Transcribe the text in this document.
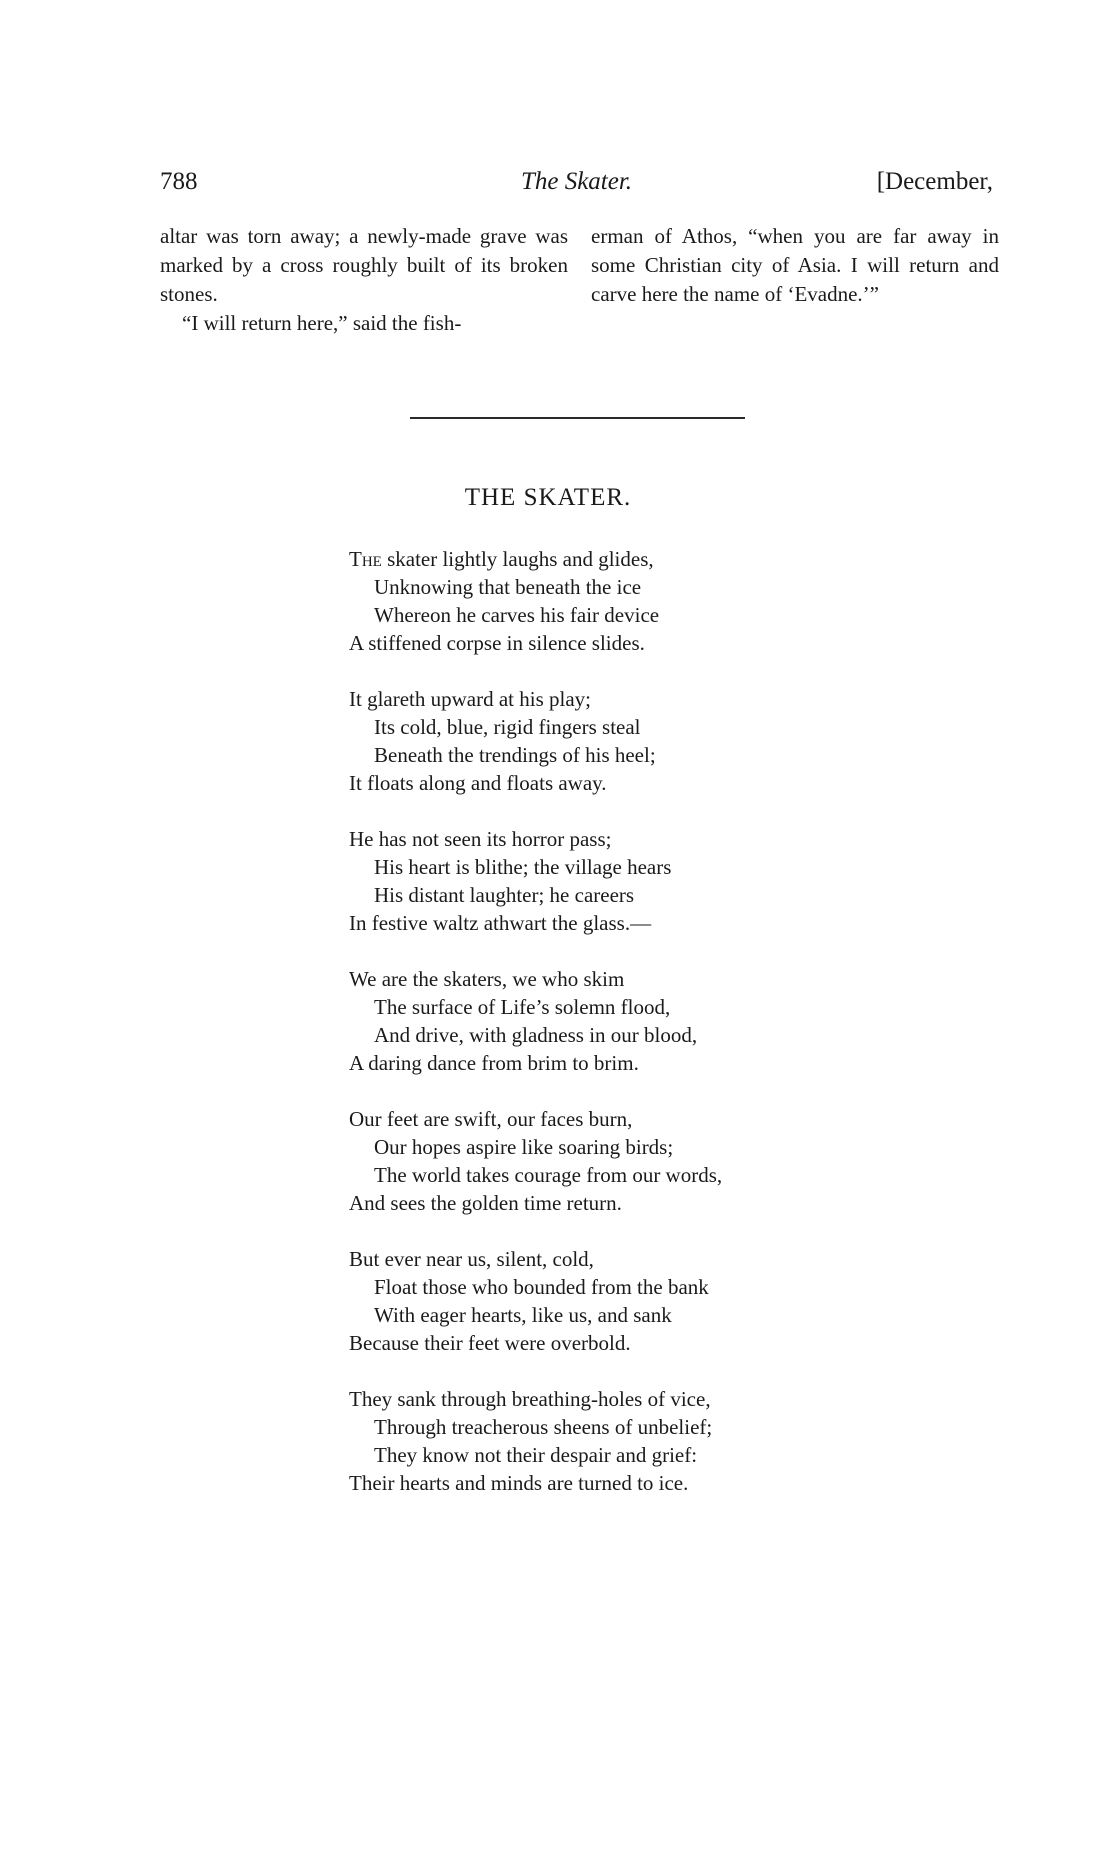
788	The Skater.	[December,

altar was torn away; a newly-made grave was marked by a cross roughly built of its broken stones.

“I will return here,” said the fish-

erman of Athos, “when you are far away in some Christian city of Asia. I will return and carve here the name of ‘Evadne.’”

THE SKATER.
The skater lightly laughs and glides,
Unknowing that beneath the ice
Whereon he carves his fair device
A stiffened corpse in silence slides.
It glareth upward at his play;
Its cold, blue, rigid fingers steal
Beneath the trendings of his heel;
It floats along and floats away.
He has not seen its horror pass;
His heart is blithe; the village hears
His distant laughter; he careers
In festive waltz athwart the glass.—
We are the skaters, we who skim
The surface of Life’s solemn flood,
And drive, with gladness in our blood,
A daring dance from brim to brim.
Our feet are swift, our faces burn,
Our hopes aspire like soaring birds;
The world takes courage from our words,
And sees the golden time return.
But ever near us, silent, cold,
Float those who bounded from the bank
With eager hearts, like us, and sank
Because their feet were overbold.
They sank through breathing-holes of vice,
Through treacherous sheens of unbelief;
They know not their despair and grief:
Their hearts and minds are turned to ice.
